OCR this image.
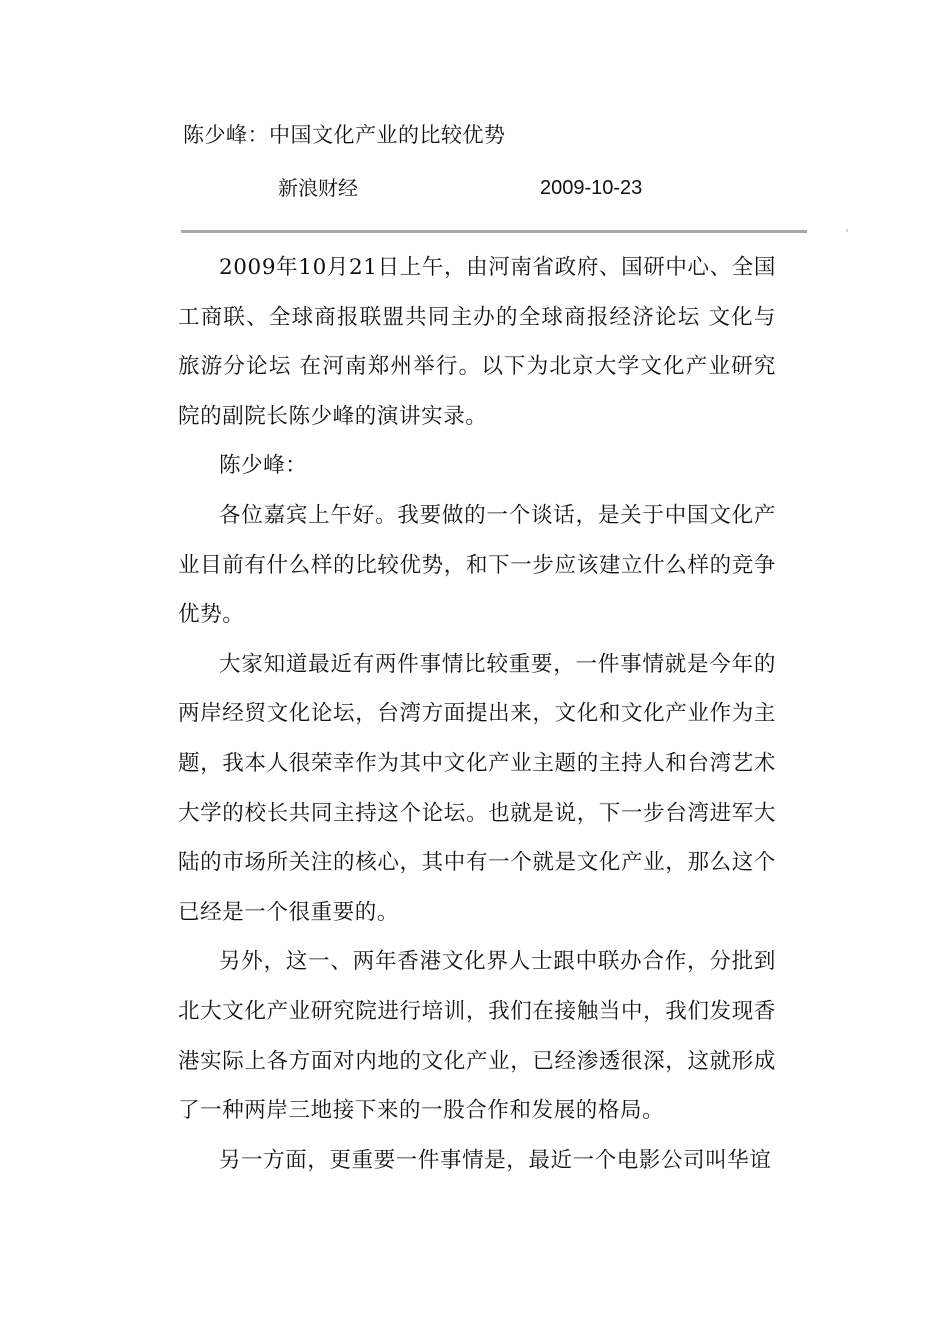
陈少峰：中国文化产业的比较优势
新浪财经	2009-10-23

2009年10月21日上午，由河南省政府、国研中心、全国工商联、全球商报联盟共同主办的全球商报经济论坛 文化与旅游分论坛 在河南郑州举行。以下为北京大学文化产业研究院的副院长陈少峰的演讲实录。

陈少峰：

各位嘉宾上午好。我要做的一个谈话，是关于中国文化产业目前有什么样的比较优势，和下一步应该建立什么样的竞争优势。

大家知道最近有两件事情比较重要，一件事情就是今年的两岸经贸文化论坛，台湾方面提出来，文化和文化产业作为主题，我本人很荣幸作为其中文化产业主题的主持人和台湾艺术大学的校长共同主持这个论坛。也就是说，下一步台湾进军大陆的市场所关注的核心，其中有一个就是文化产业，那么这个已经是一个很重要的。

另外，这一、两年香港文化界人士跟中联办合作，分批到北大文化产业研究院进行培训，我们在接触当中，我们发现香港实际上各方面对内地的文化产业，已经渗透很深，这就形成了一种两岸三地接下来的一股合作和发展的格局。

另一方面，更重要一件事情是，最近一个电影公司叫华谊
